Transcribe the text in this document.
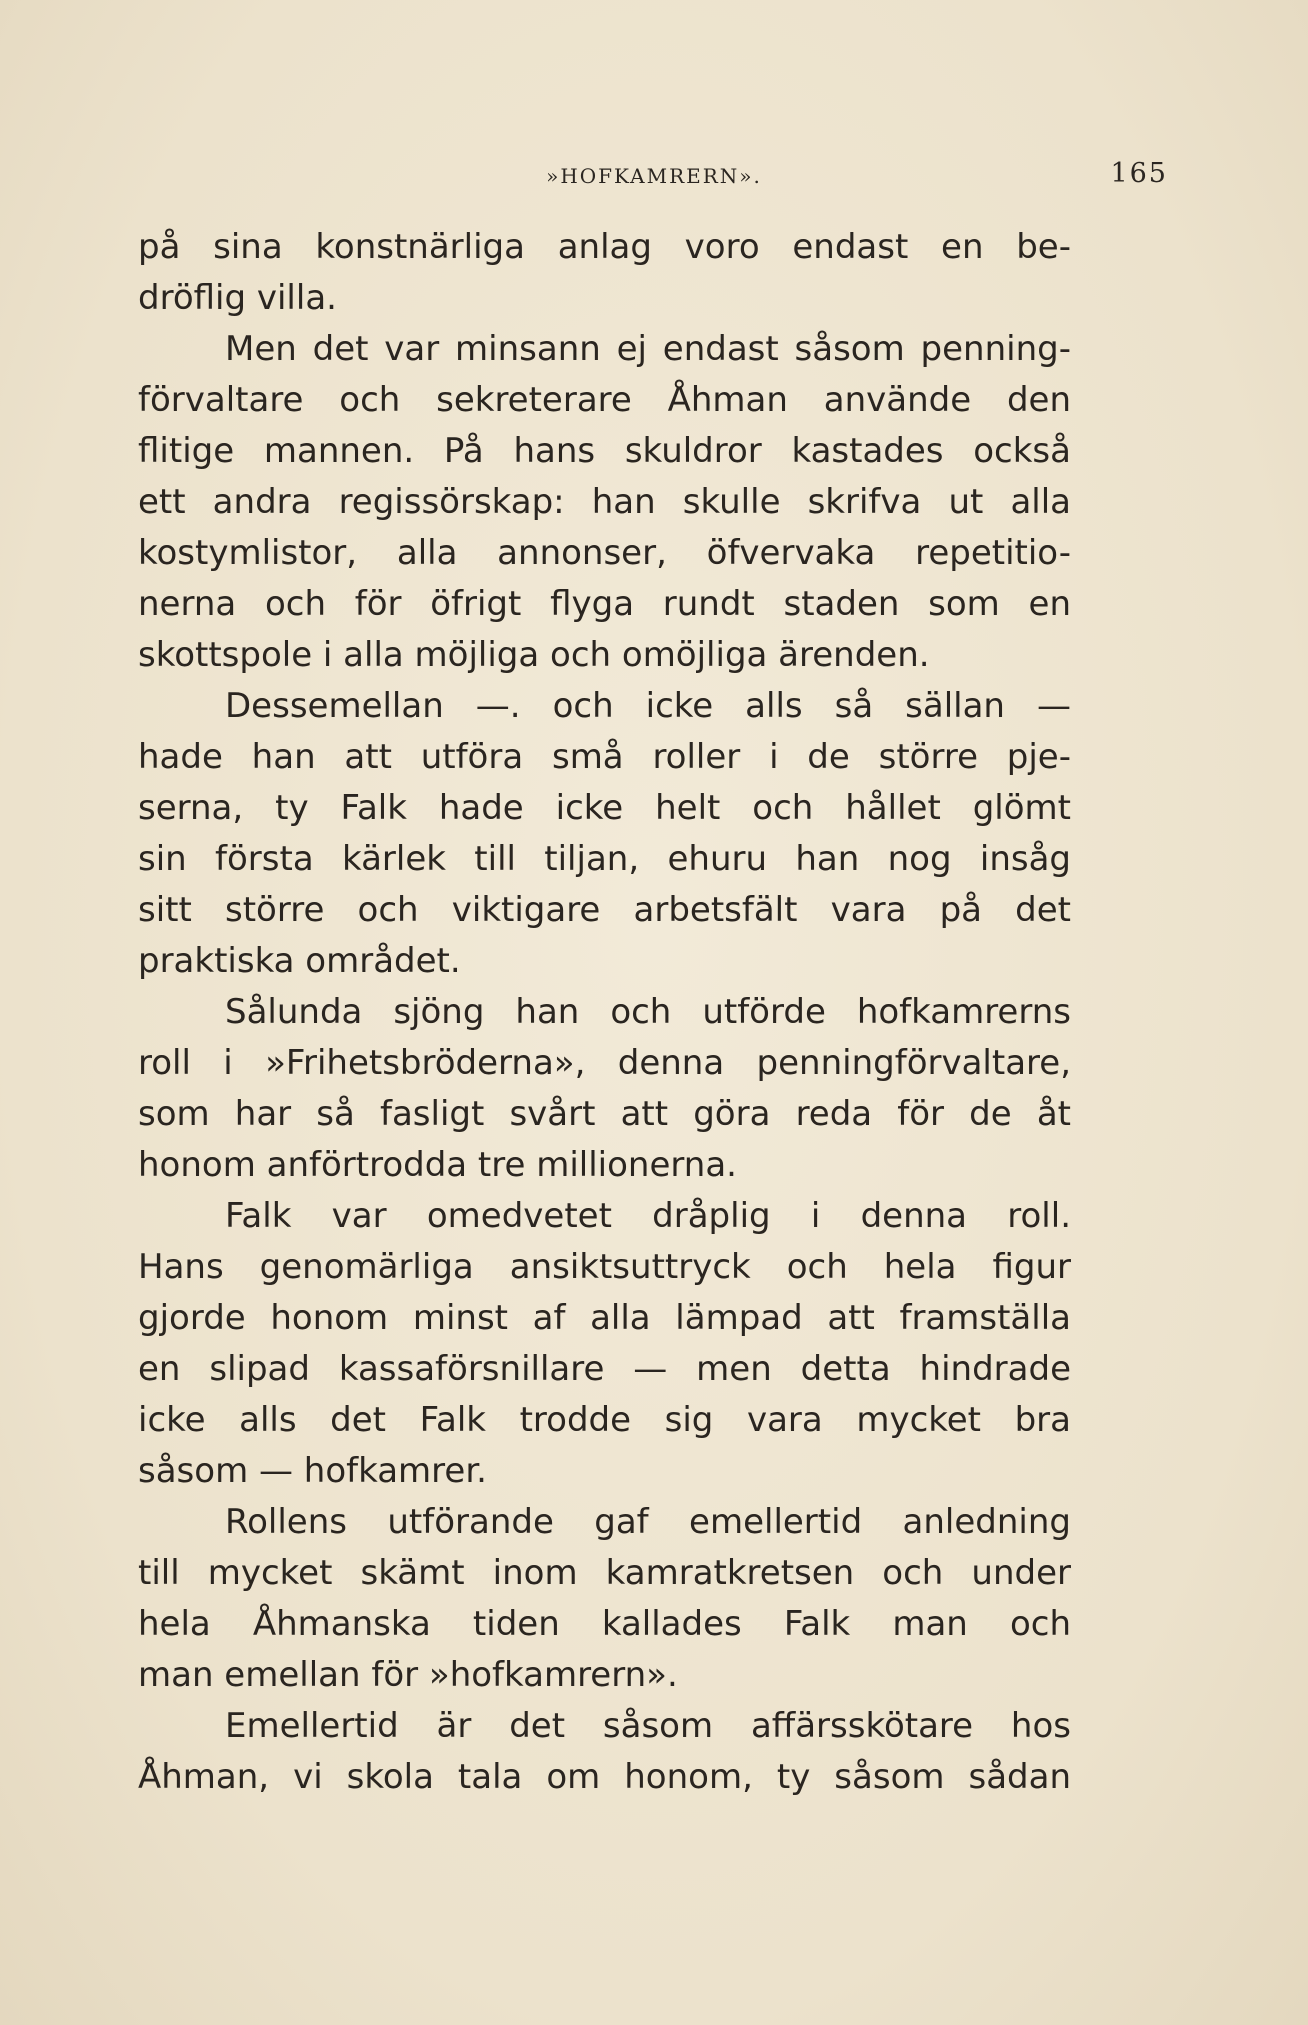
»HOFKAMRERN».	165
på sina konstnärliga anlag voro endast en be-
dröflig villa.
Men det var minsann ej endast såsom penning-
förvaltare och sekreterare Åhman använde den
flitige mannen. På hans skuldror kastades också
ett andra regissörskap: han skulle skrifva ut alla
kostymlistor, alla annonser, öfvervaka repetitio-
nerna och för öfrigt flyga rundt staden som en
skottspole i alla möjliga och omöjliga ärenden.
Dessemellan —. och icke alls så sällan —
hade han att utföra små roller i de större pje-
serna, ty Falk hade icke helt och hållet glömt
sin första kärlek till tiljan, ehuru han nog insåg
sitt större och viktigare arbetsfält vara på det
praktiska området.
Sålunda sjöng han och utförde hofkamrerns
roll i »Frihetsbröderna», denna penningförvaltare,
som har så fasligt svårt att göra reda för de åt
honom anförtrodda tre millionerna.
Falk var omedvetet dråplig i denna roll.
Hans genomärliga ansiktsuttryck och hela figur
gjorde honom minst af alla lämpad att framställa
en slipad kassaförsnillare — men detta hindrade
icke alls det Falk trodde sig vara mycket bra
såsom — hofkamrer.
Rollens utförande gaf emellertid anledning
till mycket skämt inom kamratkretsen och under
hela Åhmanska tiden kallades Falk man och
man emellan för »hofkamrern».
Emellertid är det såsom affärsskötare hos
Åhman, vi skola tala om honom, ty såsom sådan
